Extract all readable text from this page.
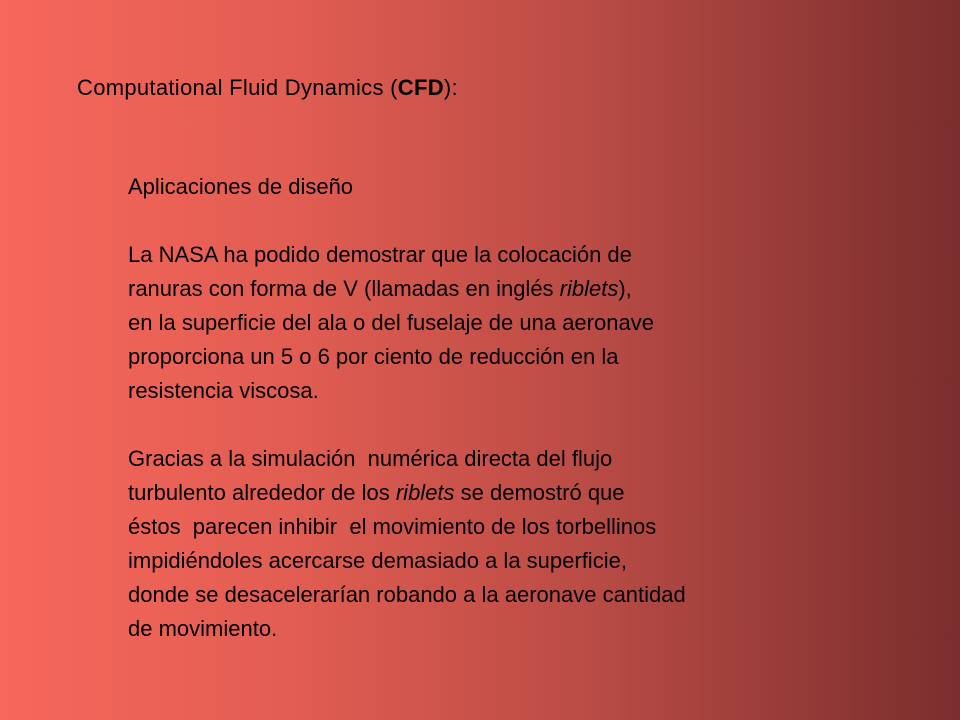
Computational Fluid Dynamics (CFD):
Aplicaciones de diseño

La NASA ha podido demostrar que la colocación de
ranuras con forma de V (llamadas en inglés riblets),
en la superficie del ala o del fuselaje de una aeronave
proporciona un 5 o 6 por ciento de reducción en la
resistencia viscosa.

Gracias a la simulación  numérica directa del flujo
turbulento alrededor de los riblets se demostró que
éstos  parecen inhibir  el movimiento de los torbellinos
impidiéndoles acercarse demasiado a la superficie,
donde se desacelerarían robando a la aeronave cantidad
de movimiento.
